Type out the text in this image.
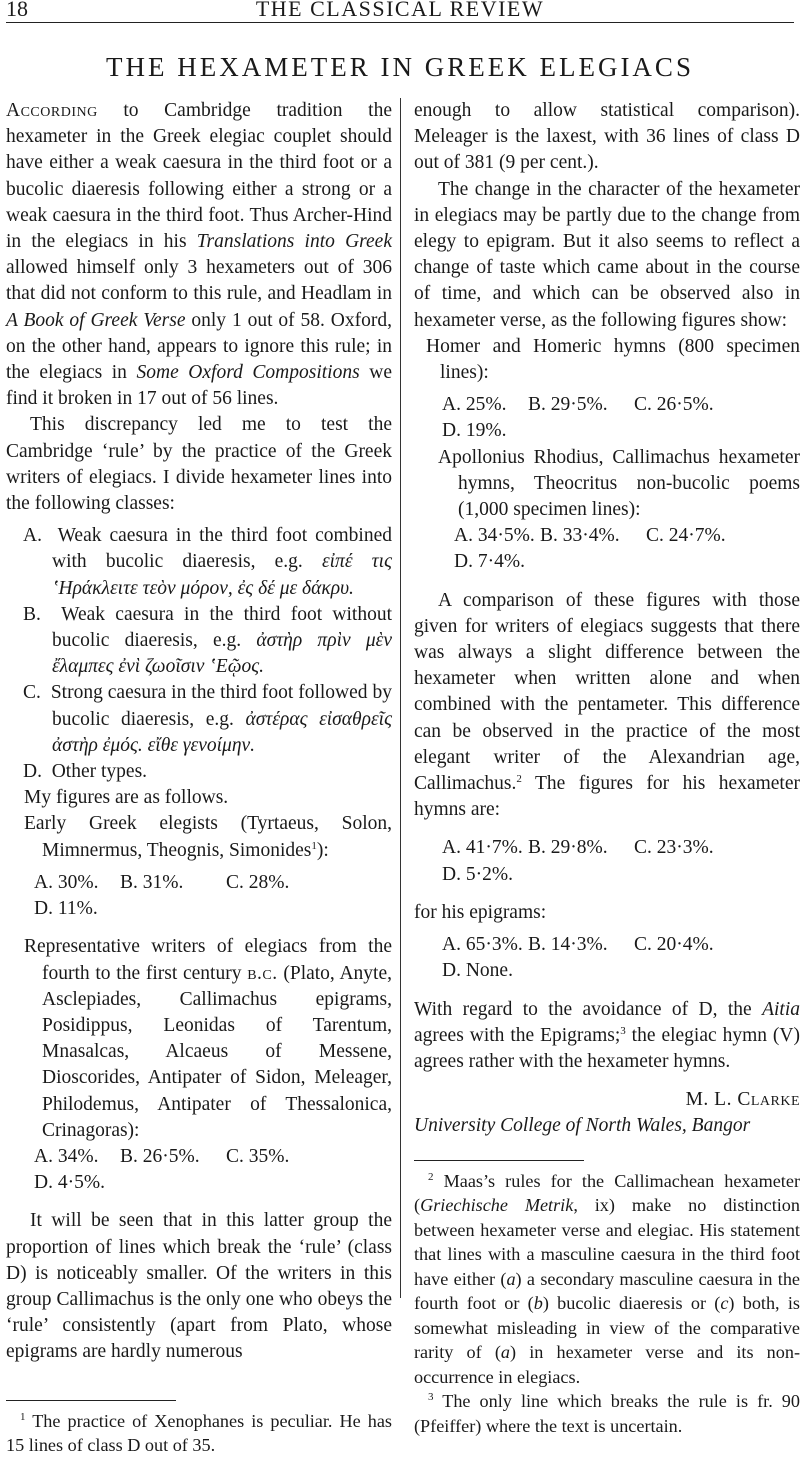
18	THE CLASSICAL REVIEW
THE HEXAMETER IN GREEK ELEGIACS

According to Cambridge tradition the hexameter in the Greek elegiac couplet should have either a weak caesura in the third foot or a bucolic diaeresis following either a strong or a weak caesura in the third foot. Thus Archer-Hind in the elegiacs in his Translations into Greek allowed himself only 3 hexameters out of 306 that did not conform to this rule, and Headlam in A Book of Greek Verse only 1 out of 58. Oxford, on the other hand, appears to ignore this rule; in the elegiacs in Some Oxford Compositions we find it broken in 17 out of 56 lines.

This discrepancy led me to test the Cambridge ‘rule’ by the practice of the Greek writers of elegiacs. I divide hexameter lines into the following classes:

A. Weak caesura in the third foot combined with bucolic diaeresis, e.g. εἰπέ τις ʽΗράκλειτε τεὸν μόρον, ἐς δέ με δάκρυ.

B. Weak caesura in the third foot without bucolic diaeresis, e.g. ἀστὴρ πρὶν μὲν ἔλαμπες ἐνὶ ζωοῖσιν ʽΕῷος.

C. Strong caesura in the third foot followed by bucolic diaeresis, e.g. ἀστέρας εἰσαθρεῖς ἀστὴρ ἐμός. εἴθε γενοίμην.

D. Other types.

My figures are as follows.

Early Greek elegists (Tyrtaeus, Solon, Mimnermus, Theognis, Simonides$^1$):

A. 30%. B. 31%. C. 28%.
D. 11%.

Representative writers of elegiacs from the fourth to the first century b.c. (Plato, Anyte, Asclepiades, Callimachus epigrams, Posidippus, Leonidas of Tarentum, Mnasalcas, Alcaeus of Messene, Dioscorides, Antipater of Sidon, Meleager, Philodemus, Antipater of Thessalonica, Crinagoras):

A. 34%. B. 26·5%. C. 35%.
D. 4·5%.

It will be seen that in this latter group the proportion of lines which break the ‘rule’ (class D) is noticeably smaller. Of the writers in this group Callimachus is the only one who obeys the ‘rule’ consistently (apart from Plato, whose epigrams are hardly numerous

$^1$ The practice of Xenophanes is peculiar. He has 15 lines of class D out of 35.

enough to allow statistical comparison). Meleager is the laxest, with 36 lines of class D out of 381 (9 per cent.).

The change in the character of the hexameter in elegiacs may be partly due to the change from elegy to epigram. But it also seems to reflect a change of taste which came about in the course of time, and which can be observed also in hexameter verse, as the following figures show:

Homer and Homeric hymns (800 specimen lines):

A. 25%. B. 29·5%. C. 26·5%.
D. 19%.

Apollonius Rhodius, Callimachus hexameter hymns, Theocritus non-bucolic poems (1,000 specimen lines):

A. 34·5%. B. 33·4%. C. 24·7%.
D. 7·4%.

A comparison of these figures with those given for writers of elegiacs suggests that there was always a slight difference between the hexameter when written alone and when combined with the pentameter. This difference can be observed in the practice of the most elegant writer of the Alexandrian age, Callimachus.$^2$ The figures for his hexameter hymns are:

A. 41·7%. B. 29·8%. C. 23·3%.
D. 5·2%.

for his epigrams:

A. 65·3%. B. 14·3%. C. 20·4%.
D. None.

With regard to the avoidance of D, the Aitia agrees with the Epigrams;$^3$ the elegiac hymn (V) agrees rather with the hexameter hymns.

M. L. Clarke

University College of North Wales, Bangor

$^2$ Maas’s rules for the Callimachean hexameter (Griechische Metrik, ix) make no distinction between hexameter verse and elegiac. His statement that lines with a masculine caesura in the third foot have either (a) a secondary masculine caesura in the fourth foot or (b) bucolic diaeresis or (c) both, is somewhat misleading in view of the comparative rarity of (a) in hexameter verse and its non-occurrence in elegiacs.

$^3$ The only line which breaks the rule is fr. 90 (Pfeiffer) where the text is uncertain.
